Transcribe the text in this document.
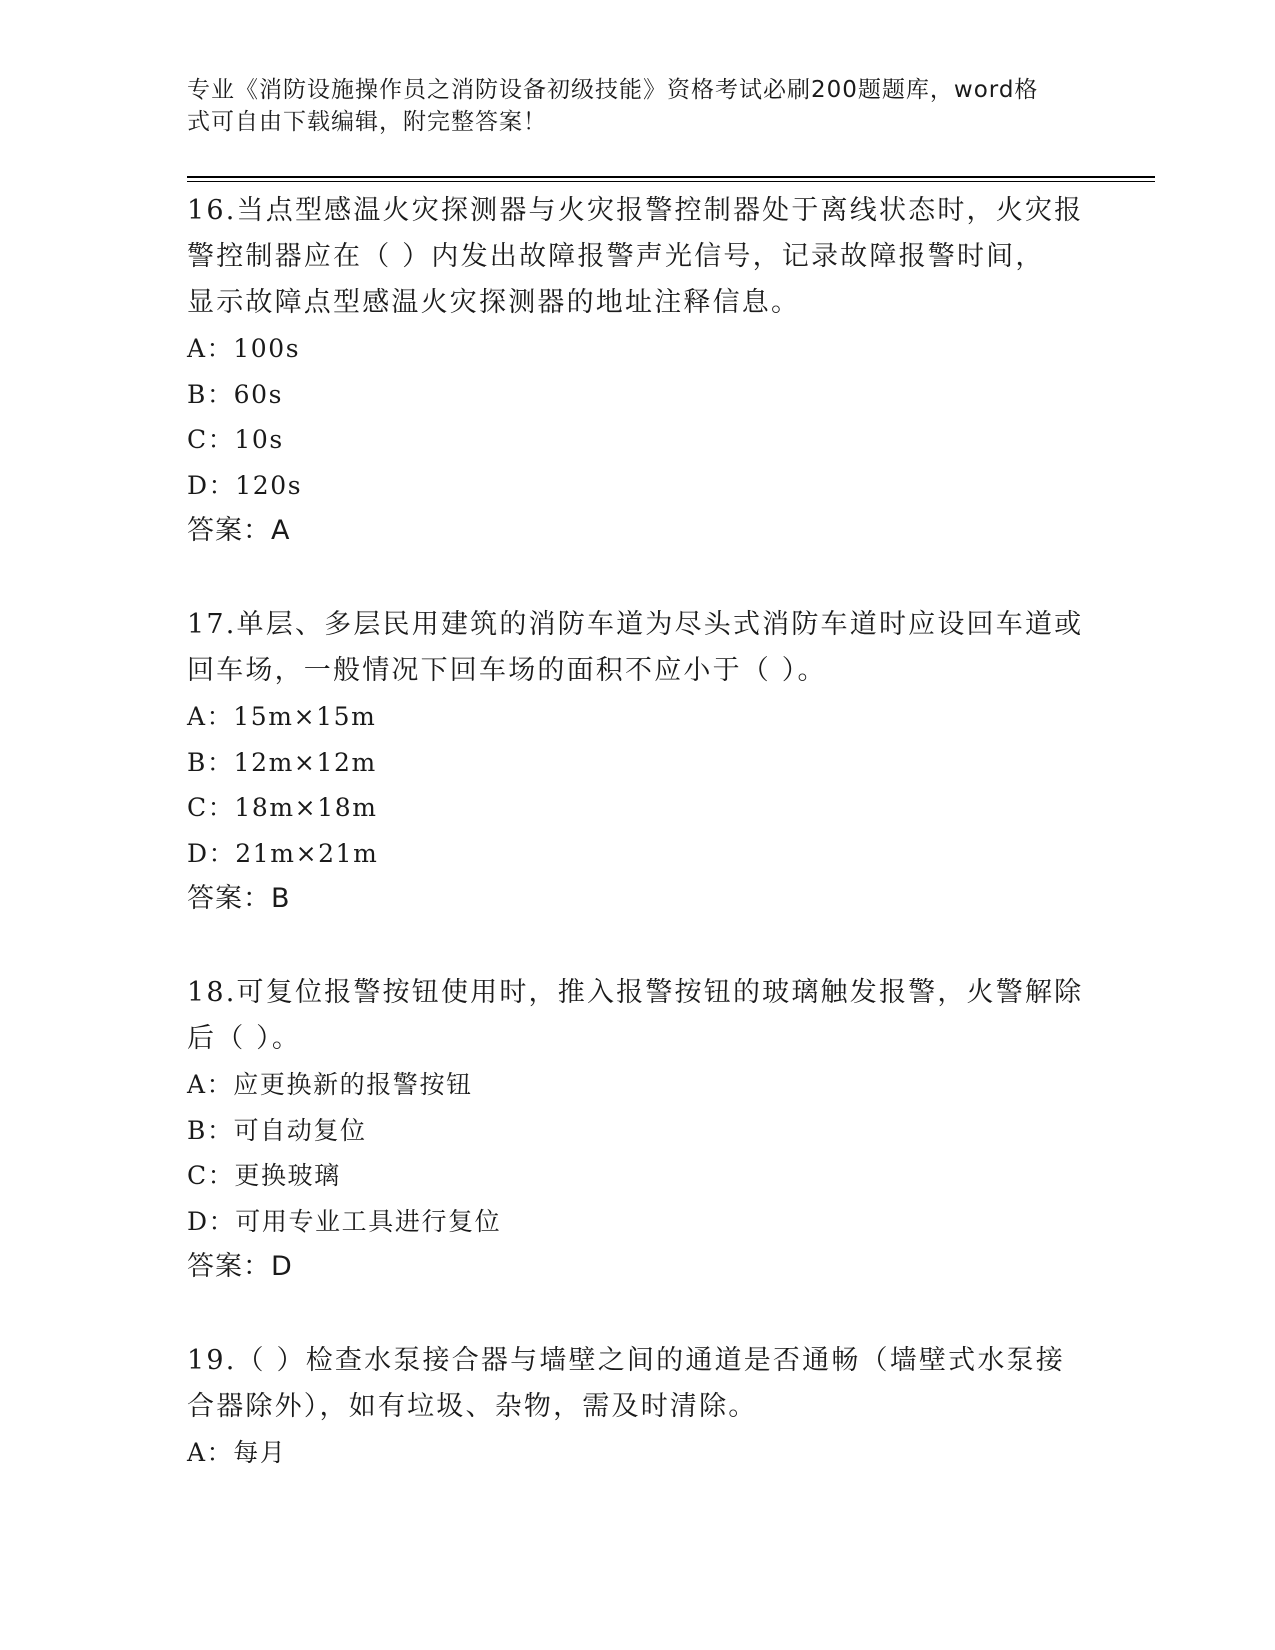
专业《消防设施操作员之消防设备初级技能》资格考试必刷200题题库，word格
式可自由下载编辑，附完整答案！

16.当点型感温火灾探测器与火灾报警控制器处于离线状态时，火灾报

警控制器应在（ ）内发出故障报警声光信号，记录故障报警时间，

显示故障点型感温火灾探测器的地址注释信息。

A：100s

B：60s

C：10s

D：120s

答案：A

17.单层、多层民用建筑的消防车道为尽头式消防车道时应设回车道或

回车场，一般情况下回车场的面积不应小于（ ）。

A：15m×15m

B：12m×12m

C：18m×18m

D：21m×21m

答案：B

18.可复位报警按钮使用时，推入报警按钮的玻璃触发报警，火警解除

后（ ）。

A：应更换新的报警按钮

B：可自动复位

C：更换玻璃

D：可用专业工具进行复位

答案：D

19.（ ）检查水泵接合器与墙壁之间的通道是否通畅（墙壁式水泵接

合器除外），如有垃圾、杂物，需及时清除。

A：每月
